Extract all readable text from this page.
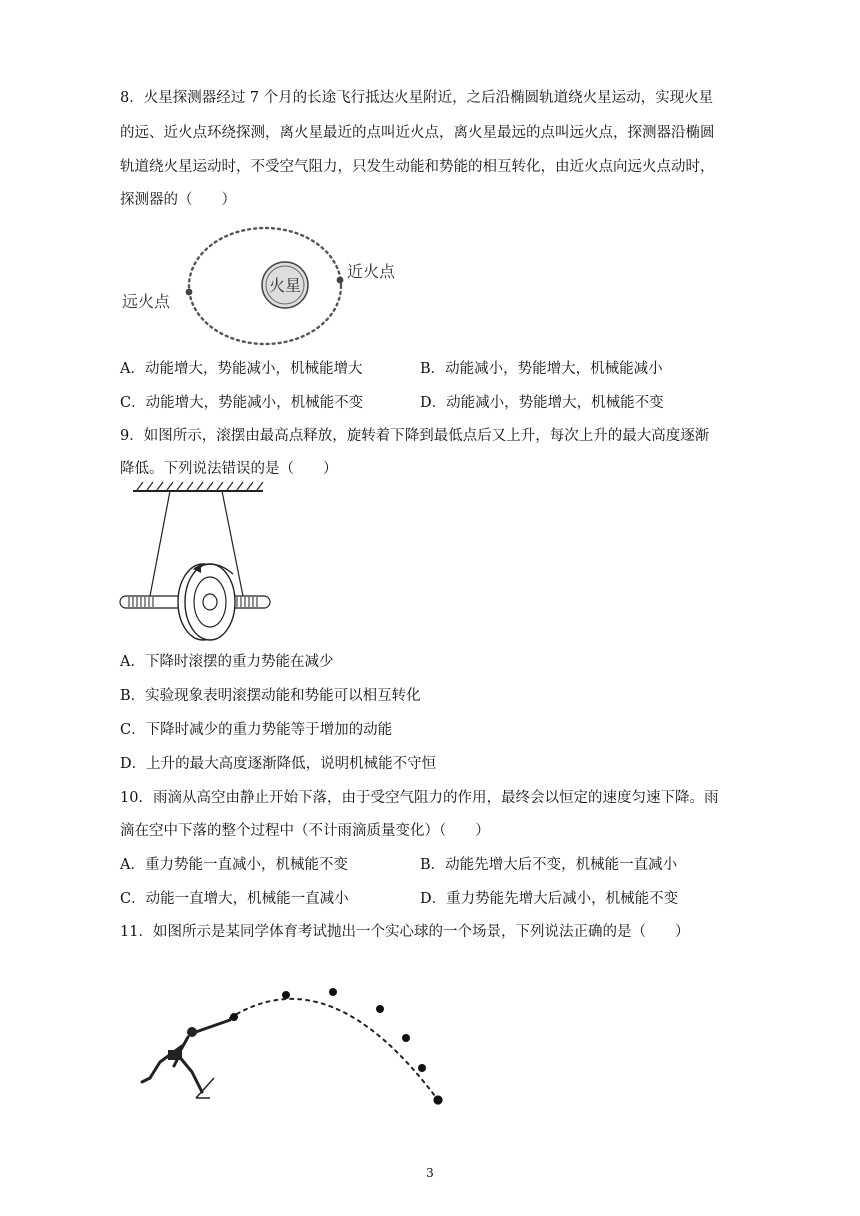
8．火星探测器经过 7 个月的长途飞行抵达火星附近，之后沿椭圆轨道绕火星运动，实现火星
的远、近火点环绕探测，离火星最近的点叫近火点，离火星最远的点叫远火点，探测器沿椭圆
轨道绕火星运动时，不受空气阻力，只发生动能和势能的相互转化，由近火点向远火点动时，
探测器的（　　）
火星
近火点
远火点
A．动能增大，势能减小，机械能增大	B．动能减小，势能增大，机械能减小
C．动能增大，势能减小，机械能不变	D．动能减小，势能增大，机械能不变
9．如图所示，滚摆由最高点释放，旋转着下降到最低点后又上升，每次上升的最大高度逐渐
降低。下列说法错误的是（　　）
A．下降时滚摆的重力势能在减少
B．实验现象表明滚摆动能和势能可以相互转化
C．下降时减少的重力势能等于增加的动能
D．上升的最大高度逐渐降低，说明机械能不守恒
10．雨滴从高空由静止开始下落，由于受空气阻力的作用，最终会以恒定的速度匀速下降。雨
滴在空中下落的整个过程中（不计雨滴质量变化）（　　）
A．重力势能一直减小，机械能不变	B．动能先增大后不变，机械能一直减小
C．动能一直增大，机械能一直减小	D．重力势能先增大后减小，机械能不变
11．如图所示是某同学体育考试抛出一个实心球的一个场景，下列说法正确的是（　　）
3
